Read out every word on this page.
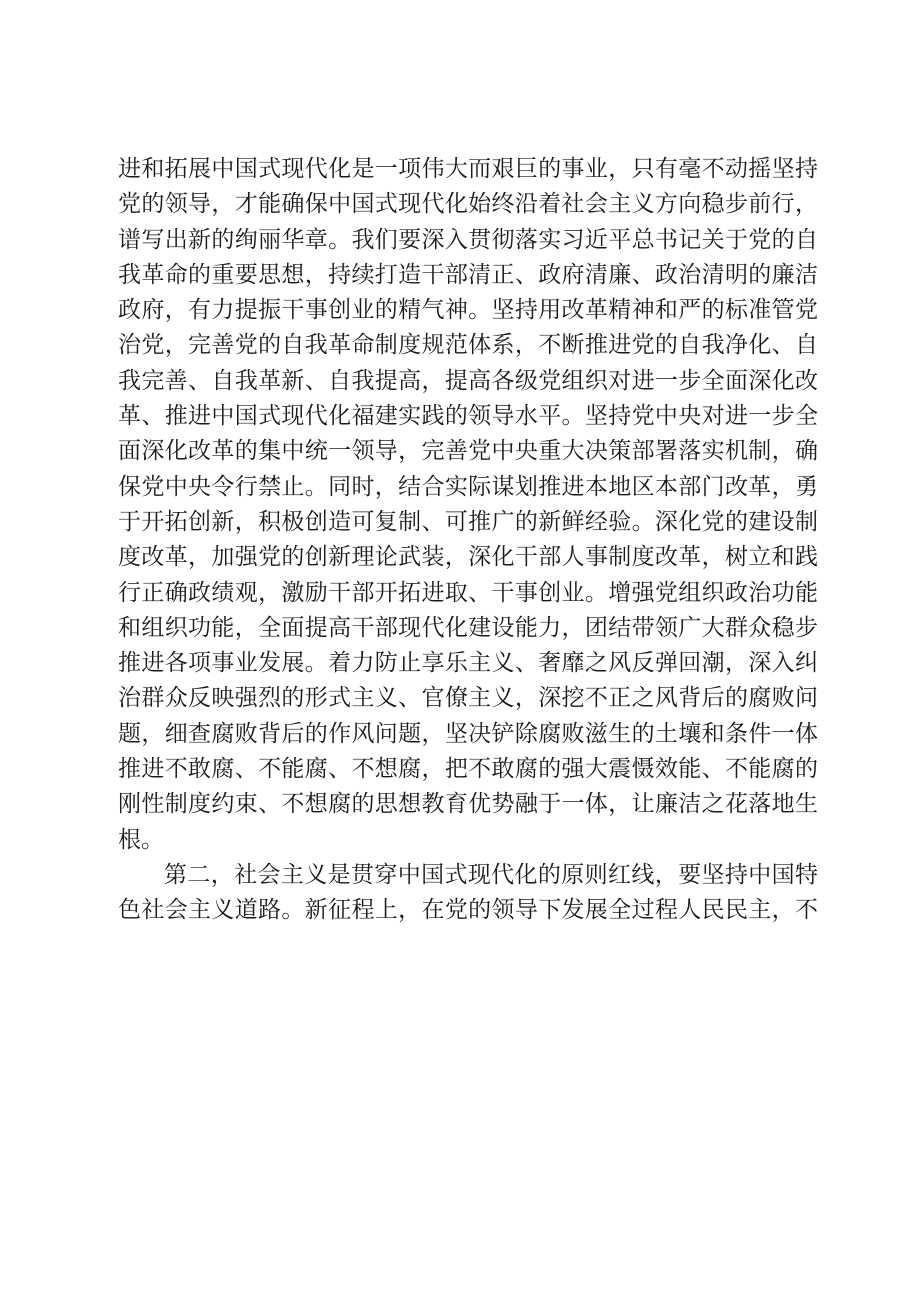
进和拓展中国式现代化是一项伟大而艰巨的事业，只有毫不动摇坚持
党的领导，才能确保中国式现代化始终沿着社会主义方向稳步前行，
谱写出新的绚丽华章。我们要深入贯彻落实习近平总书记关于党的自
我革命的重要思想，持续打造干部清正、政府清廉、政治清明的廉洁
政府，有力提振干事创业的精气神。坚持用改革精神和严的标准管党
治党，完善党的自我革命制度规范体系，不断推进党的自我净化、自
我完善、自我革新、自我提高，提高各级党组织对进一步全面深化改
革、推进中国式现代化福建实践的领导水平。坚持党中央对进一步全
面深化改革的集中统一领导，完善党中央重大决策部署落实机制，确
保党中央令行禁止。同时，结合实际谋划推进本地区本部门改革，勇
于开拓创新，积极创造可复制、可推广的新鲜经验。深化党的建设制
度改革，加强党的创新理论武装，深化干部人事制度改革，树立和践
行正确政绩观，激励干部开拓进取、干事创业。增强党组织政治功能
和组织功能，全面提高干部现代化建设能力，团结带领广大群众稳步
推进各项事业发展。着力防止享乐主义、奢靡之风反弹回潮，深入纠
治群众反映强烈的形式主义、官僚主义，深挖不正之风背后的腐败问
题，细查腐败背后的作风问题，坚决铲除腐败滋生的土壤和条件一体
推进不敢腐、不能腐、不想腐，把不敢腐的强大震慑效能、不能腐的
刚性制度约束、不想腐的思想教育优势融于一体，让廉洁之花落地生
根。
第二，社会主义是贯穿中国式现代化的原则红线，要坚持中国特
色社会主义道路。新征程上，在党的领导下发展全过程人民民主，不
